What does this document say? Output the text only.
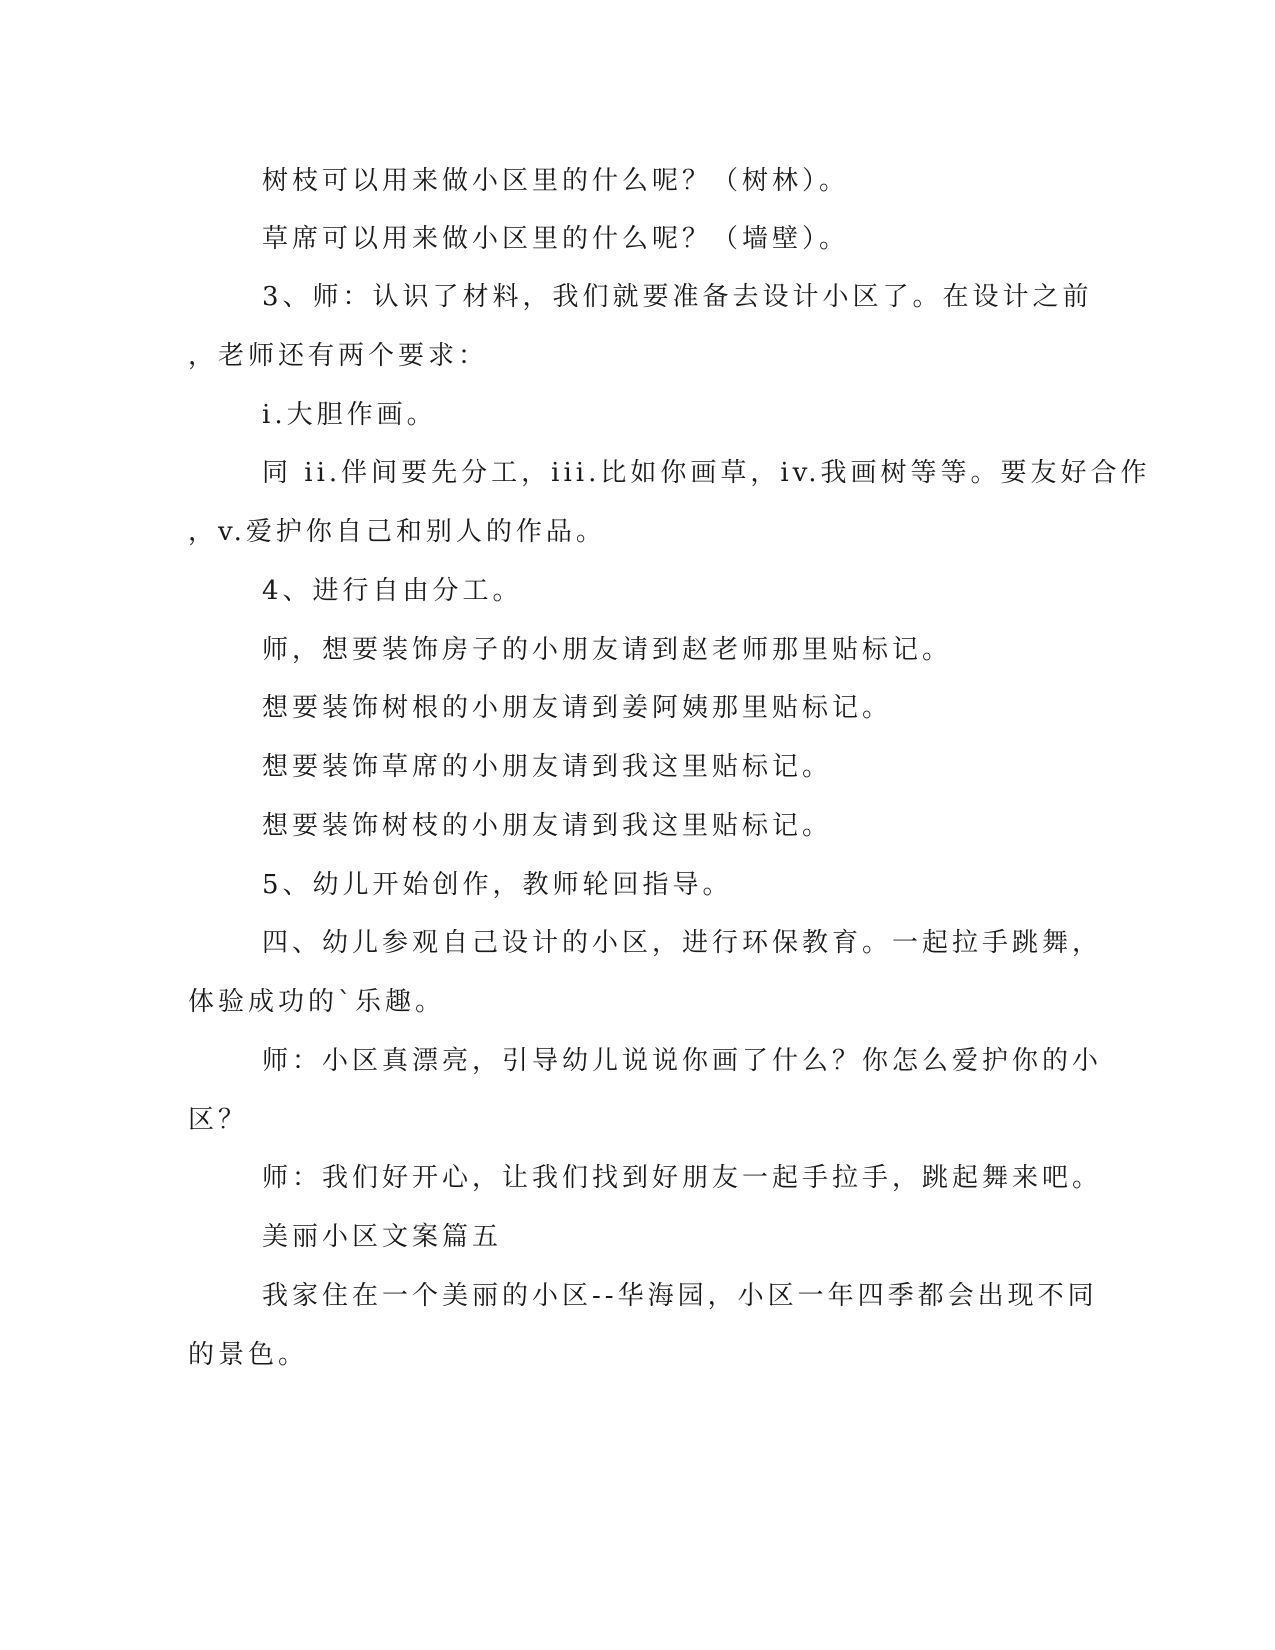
树枝可以用来做小区里的什么呢？（树林）。
草席可以用来做小区里的什么呢？（墙壁）。
3、师：认识了材料，我们就要准备去设计小区了。在设计之前
，老师还有两个要求：
i.大胆作画。
同 ii.伴间要先分工，iii.比如你画草，iv.我画树等等。要友好合作
，v.爱护你自己和别人的作品。
4、进行自由分工。
师，想要装饰房子的小朋友请到赵老师那里贴标记。
想要装饰树根的小朋友请到姜阿姨那里贴标记。
想要装饰草席的小朋友请到我这里贴标记。
想要装饰树枝的小朋友请到我这里贴标记。
5、幼儿开始创作，教师轮回指导。
四、幼儿参观自己设计的小区，进行环保教育。一起拉手跳舞，
体验成功的`乐趣。
师：小区真漂亮，引导幼儿说说你画了什么？你怎么爱护你的小
区？
师：我们好开心，让我们找到好朋友一起手拉手，跳起舞来吧。
美丽小区文案篇五
我家住在一个美丽的小区--华海园，小区一年四季都会出现不同
的景色。
